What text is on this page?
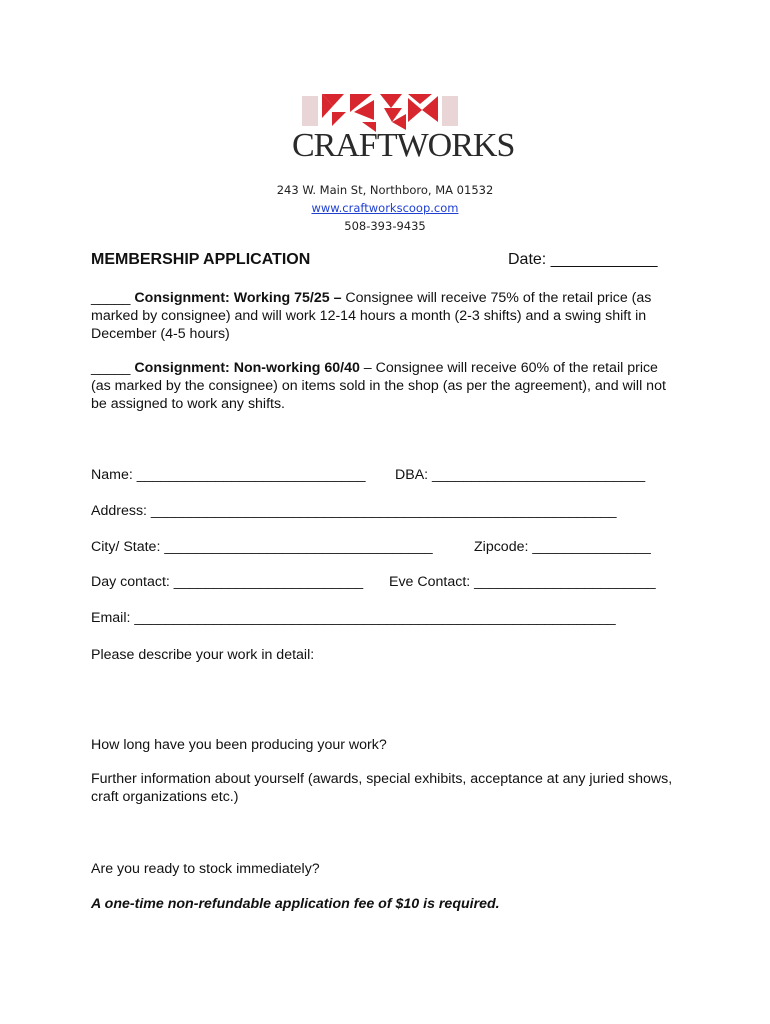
CRAFTWORKS
243 W. Main St, Northboro, MA 01532
www.craftworkscoop.com
508-393-9435
MEMBERSHIP APPLICATION	Date: ____________
_____ Consignment: Working 75/25 – Consignee will receive 75% of the retail price (as marked by consignee) and will work 12-14 hours a month (2-3 shifts) and a swing shift in December (4-5 hours)
_____ Consignment: Non-working 60/40 – Consignee will receive 60% of the retail price (as marked by the consignee) on items sold in the shop (as per the agreement), and will not be assigned to work any shifts.
Name: _____________________________ DBA: ___________________________
Address: ___________________________________________________________
City/ State: __________________________________	Zipcode: _______________
Day contact: ________________________ Eve Contact: _______________________
Email: _____________________________________________________________
Please describe your work in detail:
How long have you been producing your work?
Further information about yourself (awards, special exhibits, acceptance at any juried shows, craft organizations etc.)
Are you ready to stock immediately?
A one-time non-refundable application fee of $10 is required.
